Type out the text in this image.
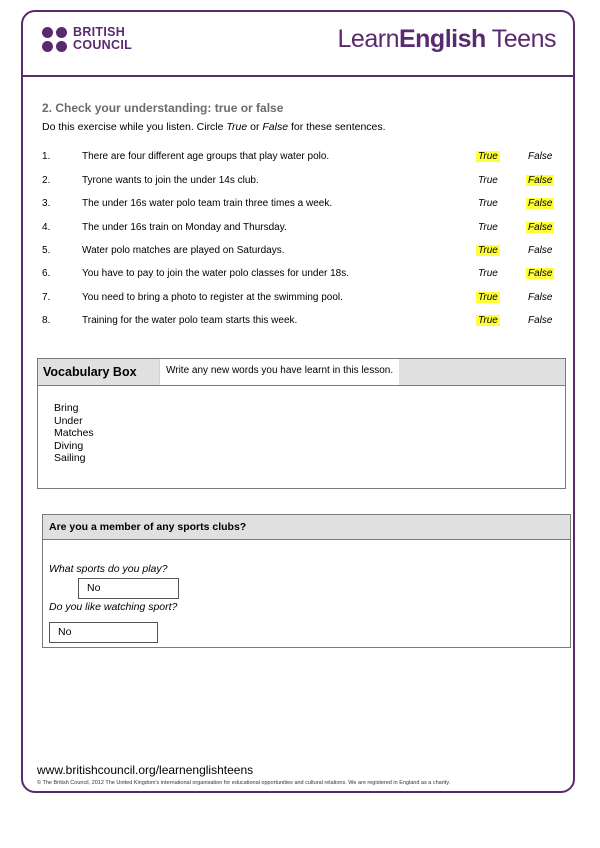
BRITISH
COUNCIL	LearnEnglish Teens
2. Check your understanding: true or false
Do this exercise while you listen. Circle True or False for these sentences.
1.	There are four different age groups that play water polo.	True	False
2.	Tyrone wants to join the under 14s club.	True	False
3.	The under 16s water polo team train three times a week.	True	False
4.	The under 16s train on Monday and Thursday.	True	False
5.	Water polo matches are played on Saturdays.	True	False
6.	You have to pay to join the water polo classes for under 18s.	True	False
7.	You need to bring a photo to register at the swimming pool.	True	False
8.	Training for the water polo team starts this week.	True	False
Vocabulary Box	Write any new words you have learnt in this lesson.
Bring
Under
Matches
Diving
Sailing
Are you a member of any sports clubs?
What sports do you play?
No
Do you like watching sport?
No
www.britishcouncil.org/learnenglishteens
© The British Council, 2012 The United Kingdom's international organisation for educational opportunities and cultural relations. We are registered in England as a charity.
